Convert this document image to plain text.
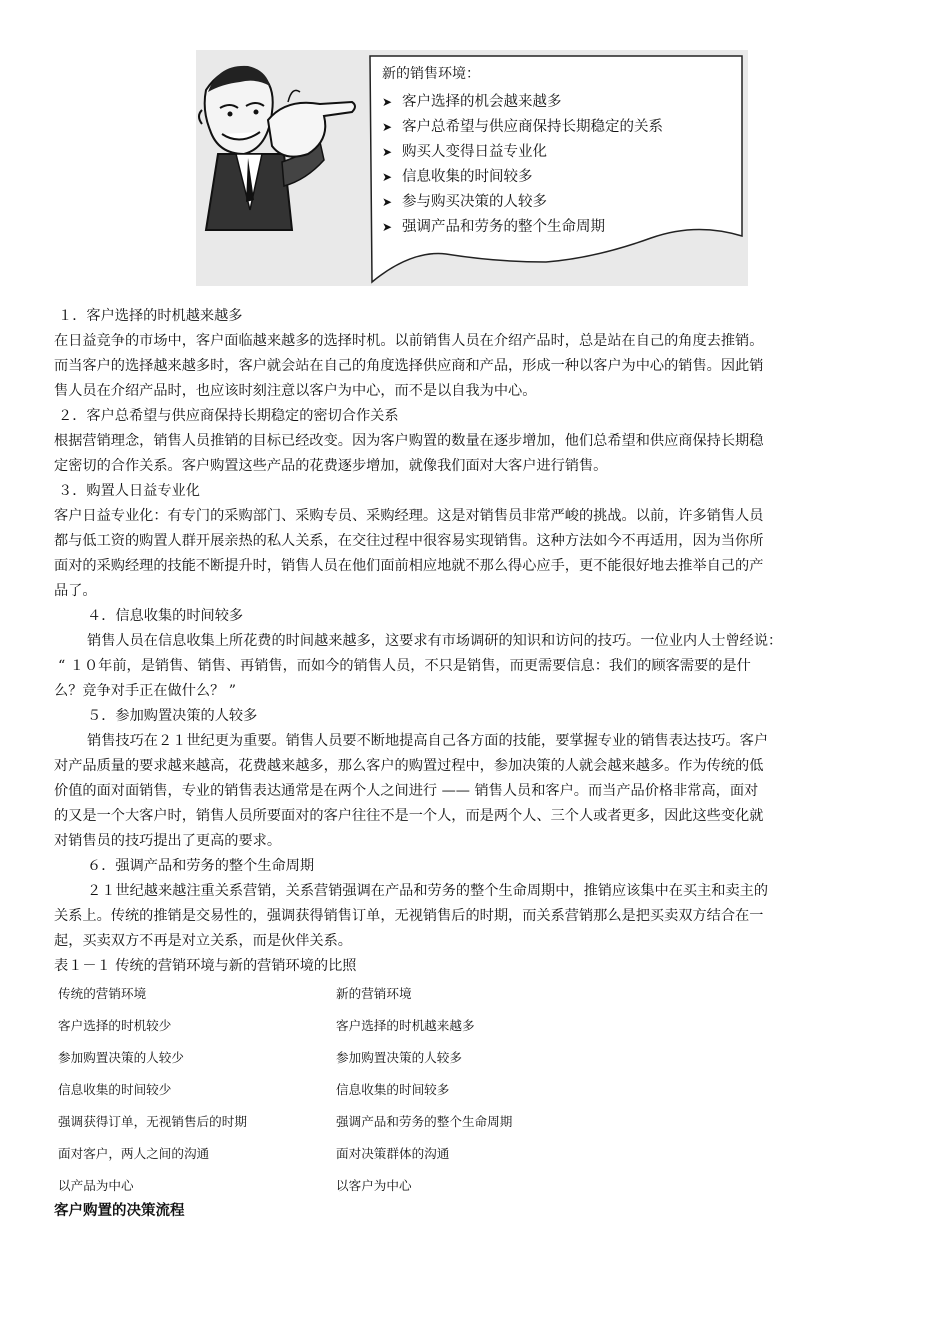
新的销售环境：
➤ 客户选择的机会越来越多
➤ 客户总希望与供应商保持长期稳定的关系
➤ 购买人变得日益专业化
➤ 信息收集的时间较多
➤ 参与购买决策的人较多
➤ 强调产品和劳务的整个生命周期
１．客户选择的时机越来越多
在日益竞争的市场中，客户面临越来越多的选择时机。以前销售人员在介绍产品时，总是站在自己的角度去推销。
而当客户的选择越来越多时，客户就会站在自己的角度选择供应商和产品，形成一种以客户为中心的销售。因此销
售人员在介绍产品时，也应该时刻注意以客户为中心，而不是以自我为中心。
２．客户总希望与供应商保持长期稳定的密切合作关系
根据营销理念，销售人员推销的目标已经改变。因为客户购置的数量在逐步增加，他们总希望和供应商保持长期稳
定密切的合作关系。客户购置这些产品的花费逐步增加，就像我们面对大客户进行销售。
３．购置人日益专业化
客户日益专业化：有专门的采购部门、采购专员、采购经理。这是对销售员非常严峻的挑战。以前，许多销售人员
都与低工资的购置人群开展亲热的私人关系，在交往过程中很容易实现销售。这种方法如今不再适用，因为当你所
面对的采购经理的技能不断提升时，销售人员在他们面前相应地就不那么得心应手，更不能很好地去推举自己的产
品了。
４．信息收集的时间较多
销售人员在信息收集上所花费的时间越来越多，这要求有市场调研的知识和访问的技巧。一位业内人士曾经说：
“ １０年前，是销售、销售、再销售，而如今的销售人员，不只是销售，而更需要信息：我们的顾客需要的是什
么？竞争对手正在做什么？ ”
５．参加购置决策的人较多
销售技巧在２１世纪更为重要。销售人员要不断地提高自己各方面的技能，要掌握专业的销售表达技巧。客户
对产品质量的要求越来越高，花费越来越多，那么客户的购置过程中，参加决策的人就会越来越多。作为传统的低
价值的面对面销售，专业的销售表达通常是在两个人之间进行 —— 销售人员和客户。而当产品价格非常高，面对
的又是一个大客户时，销售人员所要面对的客户往往不是一个人，而是两个人、三个人或者更多，因此这些变化就
对销售员的技巧提出了更高的要求。
６．强调产品和劳务的整个生命周期
２１世纪越来越注重关系营销，关系营销强调在产品和劳务的整个生命周期中，推销应该集中在买主和卖主的
关系上。传统的推销是交易性的，强调获得销售订单，无视销售后的时期，而关系营销那么是把买卖双方结合在一
起，买卖双方不再是对立关系，而是伙伴关系。
表１－１ 传统的营销环境与新的营销环境的比照
传统的营销环境	新的营销环境
客户选择的时机较少	客户选择的时机越来越多
参加购置决策的人较少	参加购置决策的人较多
信息收集的时间较少	信息收集的时间较多
强调获得订单，无视销售后的时期	强调产品和劳务的整个生命周期
面对客户，两人之间的沟通	面对决策群体的沟通
以产品为中心	以客户为中心
客户购置的决策流程
